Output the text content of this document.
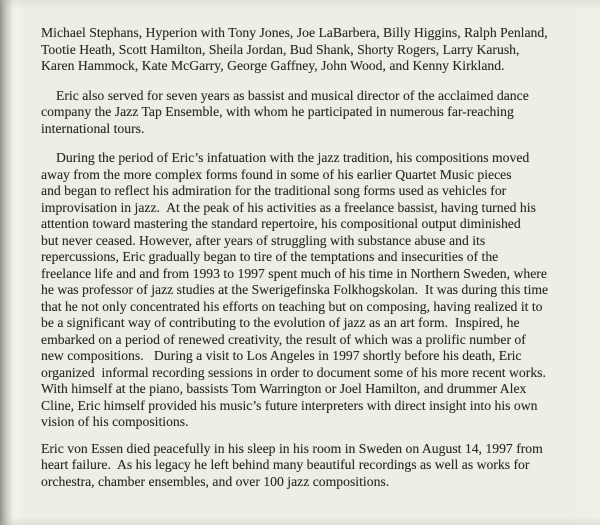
Michael Stephans, Hyperion with Tony Jones, Joe LaBarbera, Billy Higgins, Ralph Penland,
Tootie Heath, Scott Hamilton, Sheila Jordan, Bud Shank, Shorty Rogers, Larry Karush,
Karen Hammock, Kate McGarry, George Gaffney, John Wood, and Kenny Kirkland.
Eric also served for seven years as bassist and musical director of the acclaimed dance
company the Jazz Tap Ensemble, with whom he participated in numerous far-reaching
international tours.
During the period of Eric’s infatuation with the jazz tradition, his compositions moved
away from the more complex forms found in some of his earlier Quartet Music pieces
and began to reflect his admiration for the traditional song forms used as vehicles for
improvisation in jazz.  At the peak of his activities as a freelance bassist, having turned his
attention toward mastering the standard repertoire, his compositional output diminished
but never ceased. However, after years of struggling with substance abuse and its
repercussions, Eric gradually began to tire of the temptations and insecurities of the
freelance life and and from 1993 to 1997 spent much of his time in Northern Sweden, where
he was professor of jazz studies at the Swerigefinska Folkhogskolan.  It was during this time
that he not only concentrated his efforts on teaching but on composing, having realized it to
be a significant way of contributing to the evolution of jazz as an art form.  Inspired, he
embarked on a period of renewed creativity, the result of which was a prolific number of
new compositions.   During a visit to Los Angeles in 1997 shortly before his death, Eric
organized  informal recording sessions in order to document some of his more recent works.
With himself at the piano, bassists Tom Warrington or Joel Hamilton, and drummer Alex
Cline, Eric himself provided his music’s future interpreters with direct insight into his own
vision of his compositions.
Eric von Essen died peacefully in his sleep in his room in Sweden on August 14, 1997 from
heart failure.  As his legacy he left behind many beautiful recordings as well as works for
orchestra, chamber ensembles, and over 100 jazz compositions.
